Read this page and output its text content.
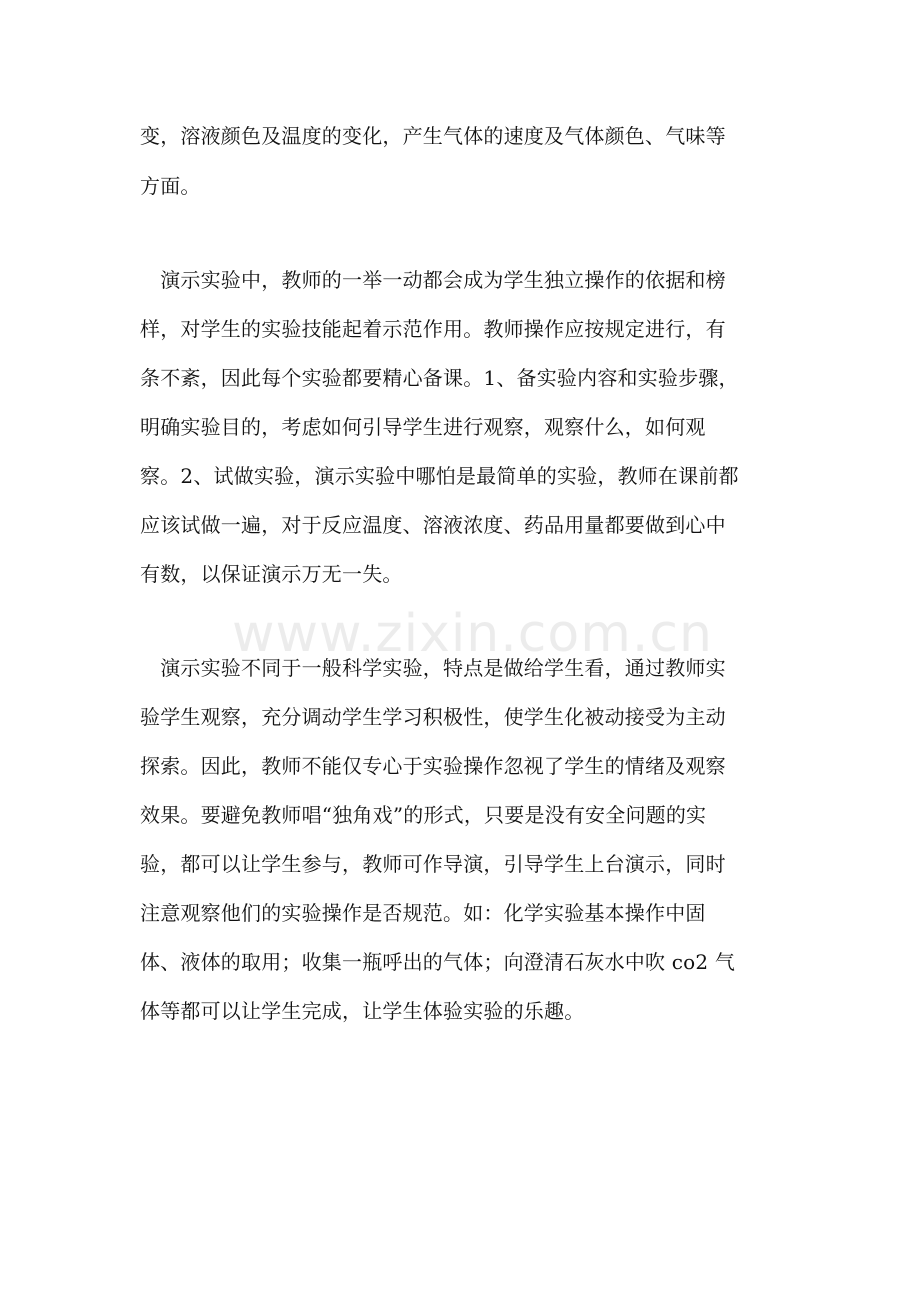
www.zixin.com.cn
变，溶液颜色及温度的变化，产生气体的速度及气体颜色、气味等
方面。
　演示实验中，教师的一举一动都会成为学生独立操作的依据和榜
样，对学生的实验技能起着示范作用。教师操作应按规定进行，有
条不紊，因此每个实验都要精心备课。1、备实验内容和实验步骤，
明确实验目的，考虑如何引导学生进行观察，观察什么，如何观
察。2、试做实验，演示实验中哪怕是最简单的实验，教师在课前都
应该试做一遍，对于反应温度、溶液浓度、药品用量都要做到心中
有数，以保证演示万无一失。
　演示实验不同于一般科学实验，特点是做给学生看，通过教师实
验学生观察，充分调动学生学习积极性，使学生化被动接受为主动
探索。因此，教师不能仅专心于实验操作忽视了学生的情绪及观察
效果。要避免教师唱“独角戏”的形式，只要是没有安全问题的实
验，都可以让学生参与，教师可作导演，引导学生上台演示，同时
注意观察他们的实验操作是否规范。如：化学实验基本操作中固
体、液体的取用；收集一瓶呼出的气体；向澄清石灰水中吹 co2 气
体等都可以让学生完成，让学生体验实验的乐趣。
